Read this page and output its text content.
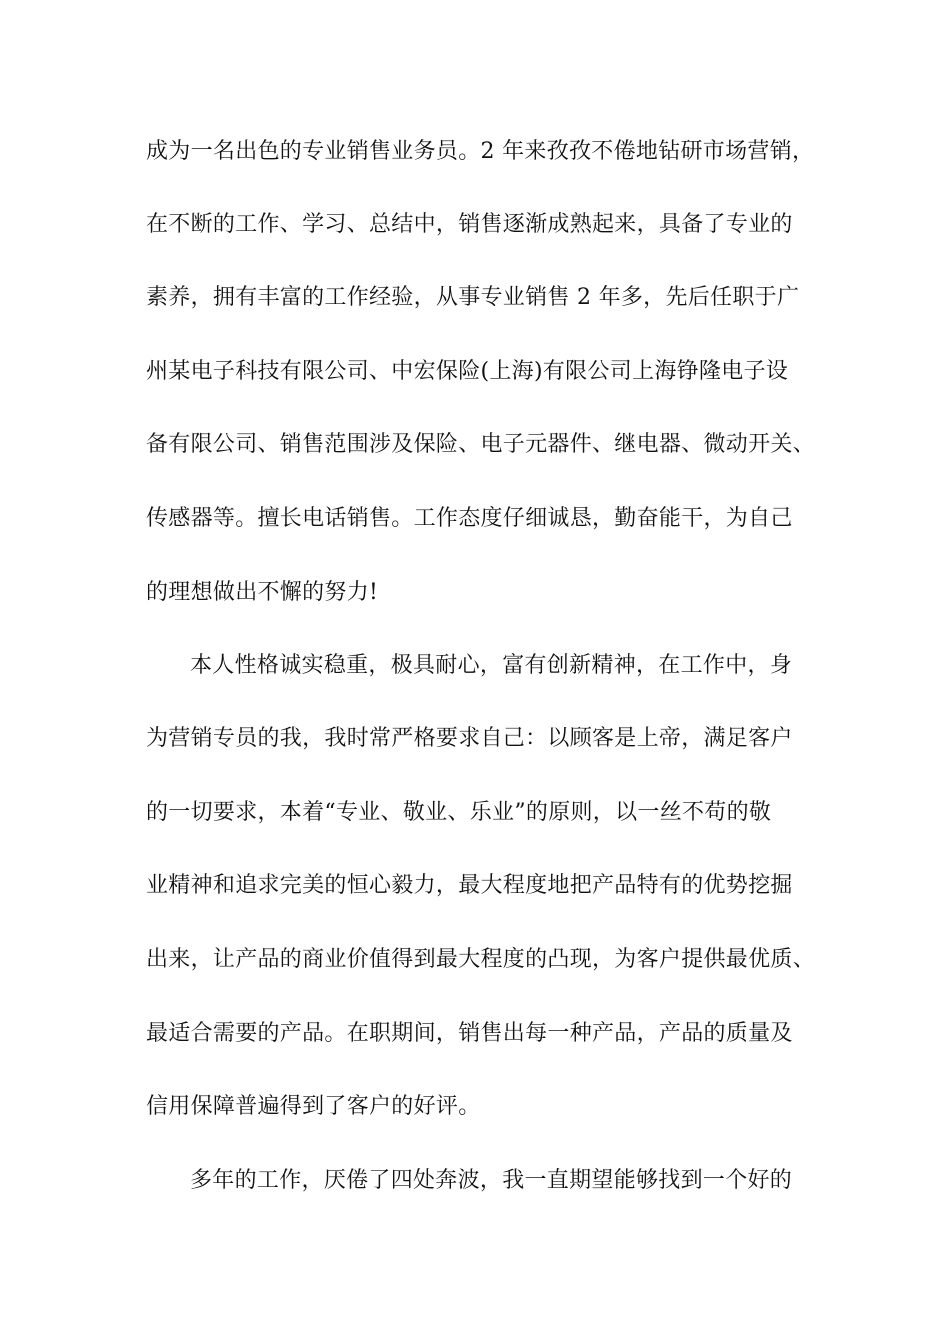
成为一名出色的专业销售业务员。2 年来孜孜不倦地钻研市场营销，

在不断的工作、学习、总结中，销售逐渐成熟起来，具备了专业的

素养，拥有丰富的工作经验，从事专业销售 2 年多，先后任职于广

州某电子科技有限公司、中宏保险(上海)有限公司上海铮隆电子设

备有限公司、销售范围涉及保险、电子元器件、继电器、微动开关、

传感器等。擅长电话销售。工作态度仔细诚恳，勤奋能干，为自己

的理想做出不懈的努力!

本人性格诚实稳重，极具耐心，富有创新精神，在工作中，身

为营销专员的我，我时常严格要求自己：以顾客是上帝，满足客户

的一切要求，本着“专业、敬业、乐业”的原则，以一丝不苟的敬

业精神和追求完美的恒心毅力，最大程度地把产品特有的优势挖掘

出来，让产品的商业价值得到最大程度的凸现，为客户提供最优质、

最适合需要的产品。在职期间，销售出每一种产品，产品的质量及

信用保障普遍得到了客户的好评。

多年的工作，厌倦了四处奔波，我一直期望能够找到一个好的
